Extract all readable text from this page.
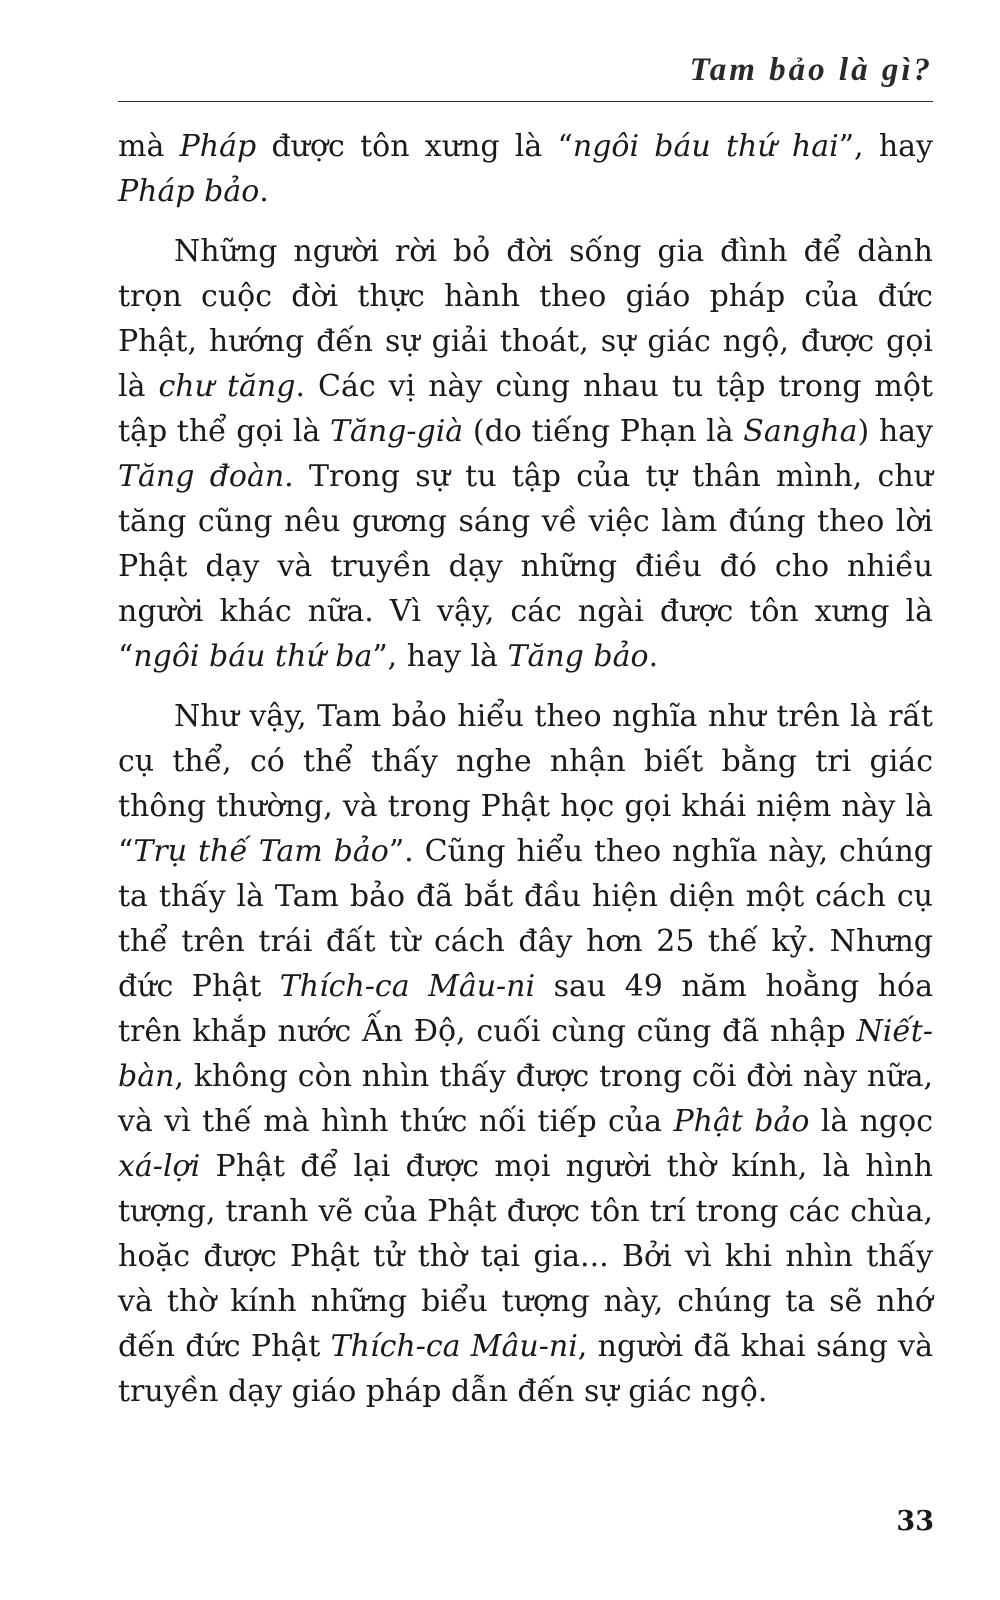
Tam bảo là gì?

mà Pháp được tôn xưng là “ngôi báu thứ hai”, hay Pháp bảo.

Những người rời bỏ đời sống gia đình để dành trọn cuộc đời thực hành theo giáo pháp của đức Phật, hướng đến sự giải thoát, sự giác ngộ, được gọi là chư tăng. Các vị này cùng nhau tu tập trong một tập thể gọi là Tăng-già (do tiếng Phạn là Sangha) hay Tăng đoàn. Trong sự tu tập của tự thân mình, chư tăng cũng nêu gương sáng về việc làm đúng theo lời Phật dạy và truyền dạy những điều đó cho nhiều người khác nữa. Vì vậy, các ngài được tôn xưng là “ngôi báu thứ ba”, hay là Tăng bảo.

Như vậy, Tam bảo hiểu theo nghĩa như trên là rất cụ thể, có thể thấy nghe nhận biết bằng tri giác thông thường, và trong Phật học gọi khái niệm này là “Trụ thế Tam bảo”. Cũng hiểu theo nghĩa này, chúng ta thấy là Tam bảo đã bắt đầu hiện diện một cách cụ thể trên trái đất từ cách đây hơn 25 thế kỷ. Nhưng đức Phật Thích-ca Mâu-ni sau 49 năm hoằng hóa trên khắp nước Ấn Độ, cuối cùng cũng đã nhập Niết-bàn, không còn nhìn thấy được trong cõi đời này nữa, và vì thế mà hình thức nối tiếp của Phật bảo là ngọc xá-lợi Phật để lại được mọi người thờ kính, là hình tượng, tranh vẽ của Phật được tôn trí trong các chùa, hoặc được Phật tử thờ tại gia... Bởi vì khi nhìn thấy và thờ kính những biểu tượng này, chúng ta sẽ nhớ đến đức Phật Thích-ca Mâu-ni, người đã khai sáng và truyền dạy giáo pháp dẫn đến sự giác ngộ.

33
